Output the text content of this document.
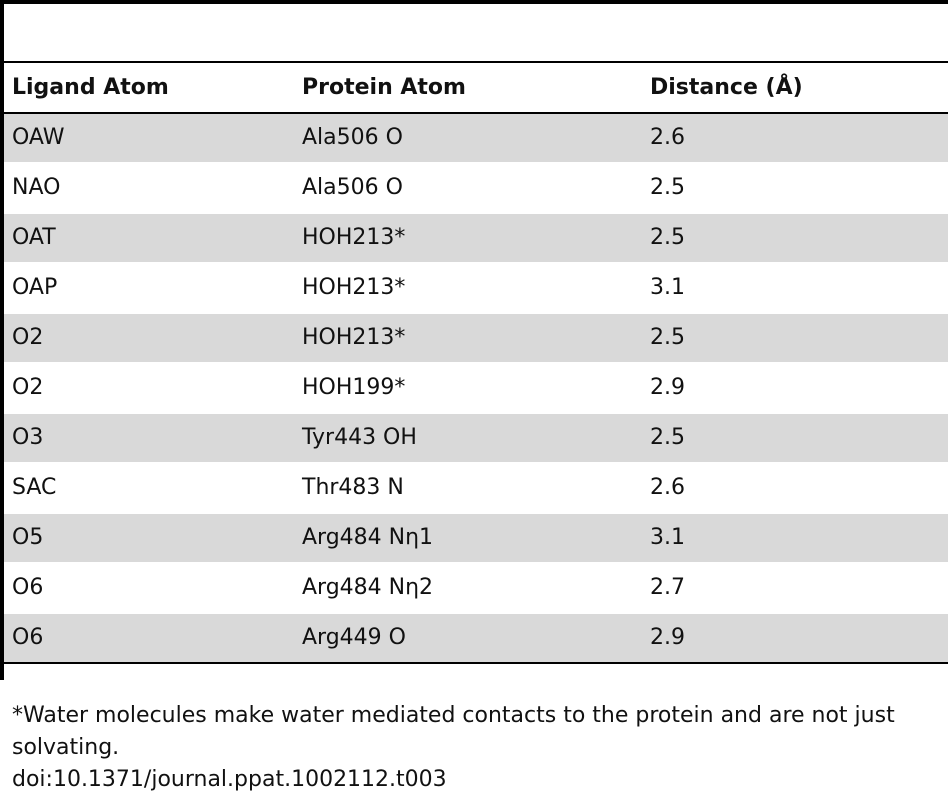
Ligand Atom	Protein Atom	Distance (Å)
OAW	Ala506 O	2.6
NAO	Ala506 O	2.5
OAT	HOH213*	2.5
OAP	HOH213*	3.1
O2	HOH213*	2.5
O2	HOH199*	2.9
O3	Tyr443 OH	2.5
SAC	Thr483 N	2.6
O5	Arg484 Nη1	3.1
O6	Arg484 Nη2	2.7
O6	Arg449 O	2.9
*Water molecules make water mediated contacts to the protein and are not just
solvating.
doi:10.1371/journal.ppat.1002112.t003
